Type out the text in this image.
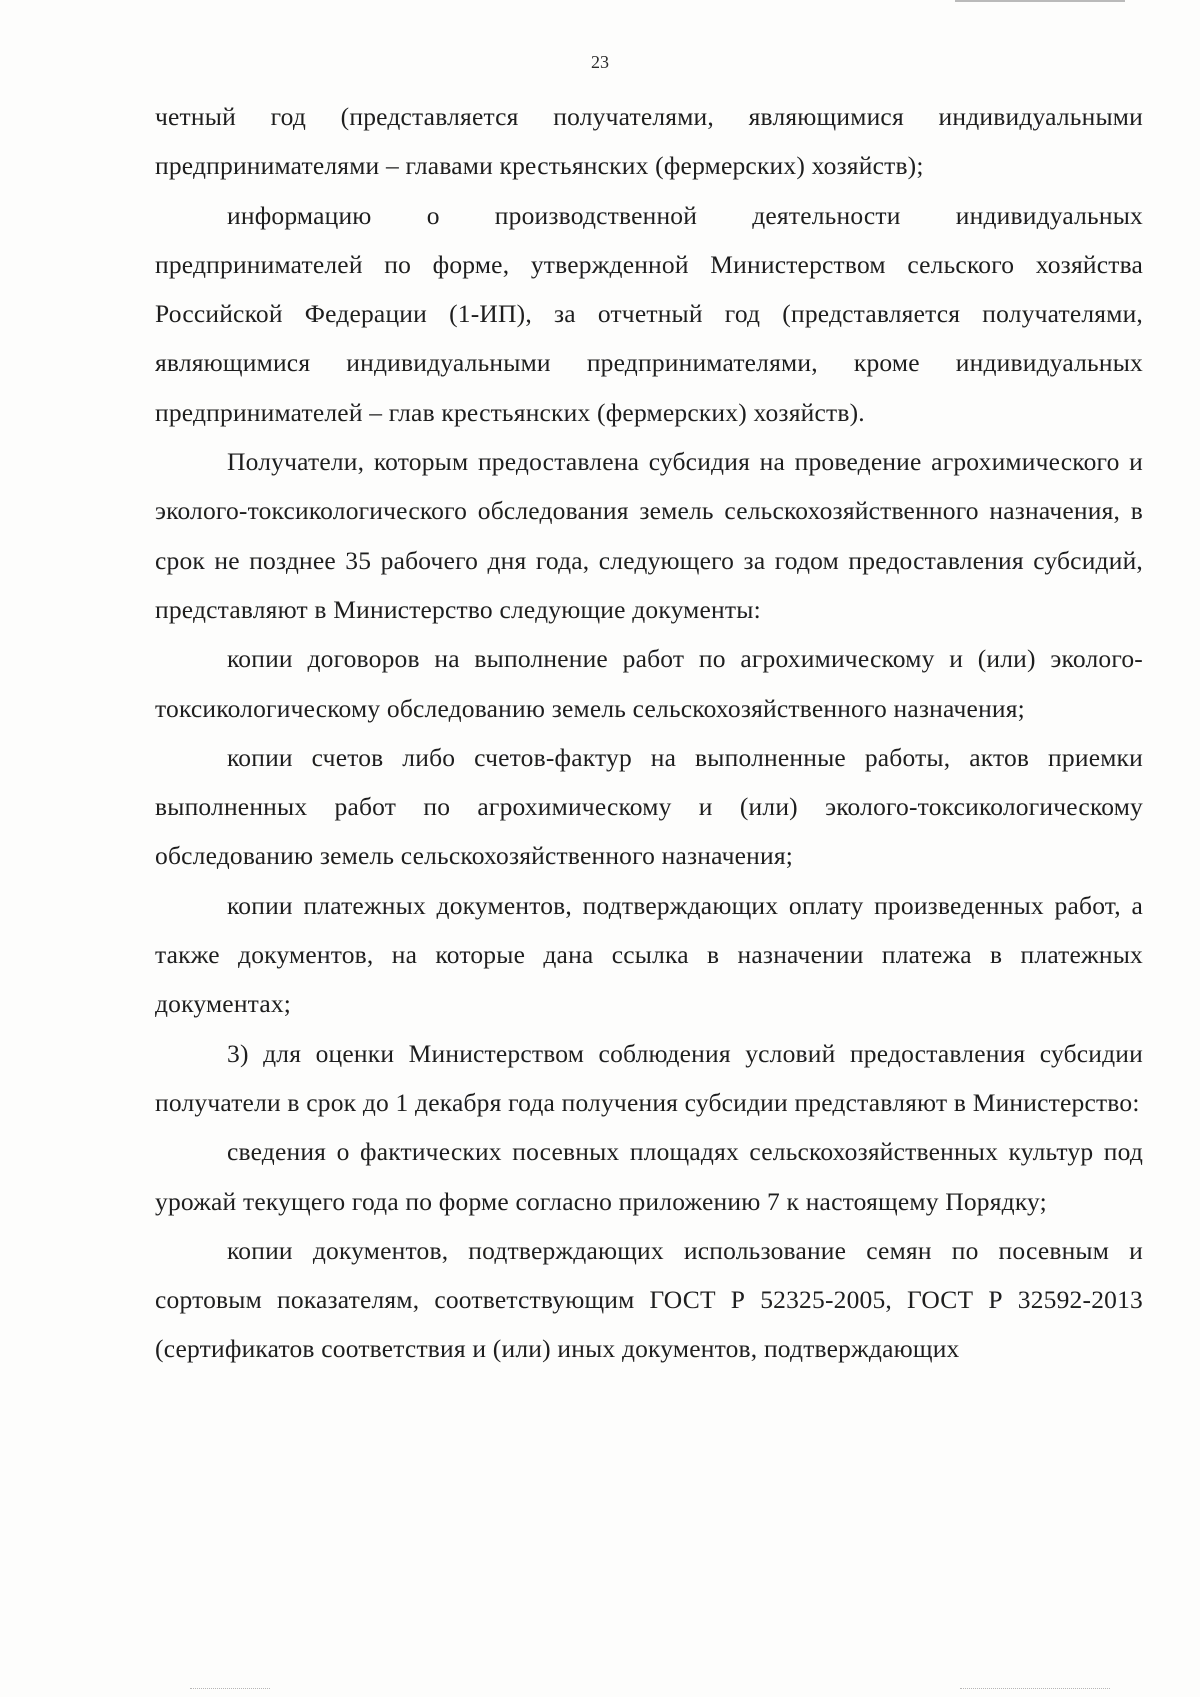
23

четный год (представляется получателями, являющимися индивидуальными предпринимателями – главами крестьянских (фермерских) хозяйств);

информацию о производственной деятельности индивидуальных предпринимателей по форме, утвержденной Министерством сельского хозяйства Российской Федерации (1-ИП), за отчетный год (представляется получателями, являющимися индивидуальными предпринимателями, кроме индивидуальных предпринимателей – глав крестьянских (фермерских) хозяйств).

Получатели, которым предоставлена субсидия на проведение агрохимического и эколого-токсикологического обследования земель сельскохозяйственного назначения, в срок не позднее 35 рабочего дня года, следующего за годом предоставления субсидий, представляют в Министерство следующие документы:

копии договоров на выполнение работ по агрохимическому и (или) эколого-токсикологическому обследованию земель сельскохозяйственного назначения;

копии счетов либо счетов-фактур на выполненные работы, актов приемки выполненных работ по агрохимическому и (или) эколого-токсикологическому обследованию земель сельскохозяйственного назначения;

копии платежных документов, подтверждающих оплату произведенных работ, а также документов, на которые дана ссылка в назначении платежа в платежных документах;

3) для оценки Министерством соблюдения условий предоставления субсидии получатели в срок до 1 декабря года получения субсидии представляют в Министерство:

сведения о фактических посевных площадях сельскохозяйственных культур под урожай текущего года по форме согласно приложению 7 к настоящему Порядку;

копии документов, подтверждающих использование семян по посевным и сортовым показателям, соответствующим ГОСТ Р 52325-2005, ГОСТ Р 32592-2013 (сертификатов соответствия и (или) иных документов, подтверждающих
